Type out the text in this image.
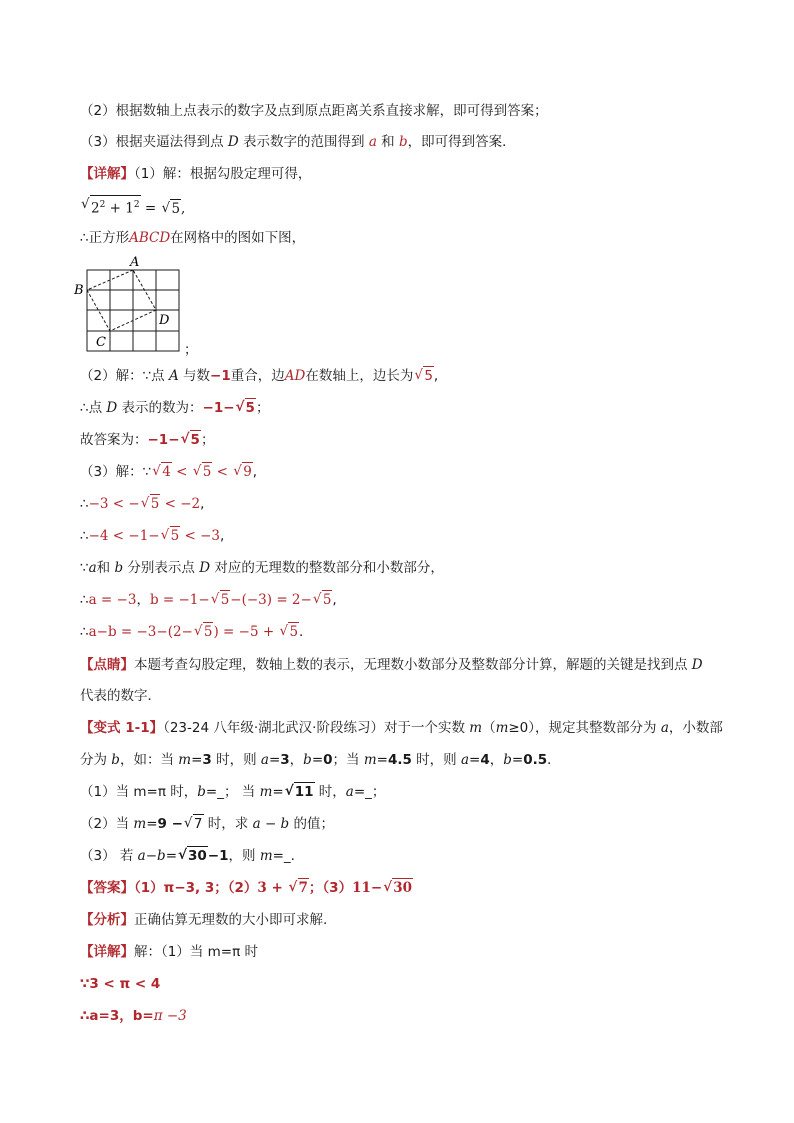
（2）根据数轴上点表示的数字及点到原点距离关系直接求解，即可得到答案；
（3）根据夹逼法得到点 D 表示数字的范围得到 a 和 b，即可得到答案．
【详解】（1）解：根据勾股定理可得，
√ $2^2 + 1^2$ = √ 5,
∴正方形ABCD在网格中的图如下图，
A
B
C
D
；
（2）解：∵点 A 与数−1重合，边AD在数轴上，边长为 √ 5,
∴点 D 表示的数为：−1− √ 5；
故答案为：−1− √ 5；
（3）解：∵ √ 4 < √ 5 < √ 9,
∴−3 < − √ 5 < −2,
∴−4 < −1− √ 5 < −3,
∵a和 b 分别表示点 D 对应的无理数的整数部分和小数部分，
∴a = −3，b = −1− √ 5−(−3) = 2− √ 5,
∴a−b = −3−(2− √ 5) = −5 + √ 5.
【点睛】本题考查勾股定理，数轴上数的表示，无理数小数部分及整数部分计算，解题的关键是找到点 D
代表的数字．
【变式 1-1】（23-24 八年级·湖北武汉·阶段练习）对于一个实数 m（m≥0），规定其整数部分为 a，小数部
分为 b，如：当 m=3 时，则 a=3，b=0；当 m=4.5 时，则 a=4，b=0.5．
（1）当 m=π 时，b=_； 当 m= √ 11 时，a=_；
（2）当 m=9 − √ 7 时，求 a − b 的值；
（3） 若 a−b= √ 30−1，则 m=_.
【答案】（1）π−3, 3；（2）3 + √ 7；（3）11− √ 30
【分析】正确估算无理数的大小即可求解.
【详解】解：（1）当 m=π 时
∵3 < π < 4
∴a=3，b=π −3
